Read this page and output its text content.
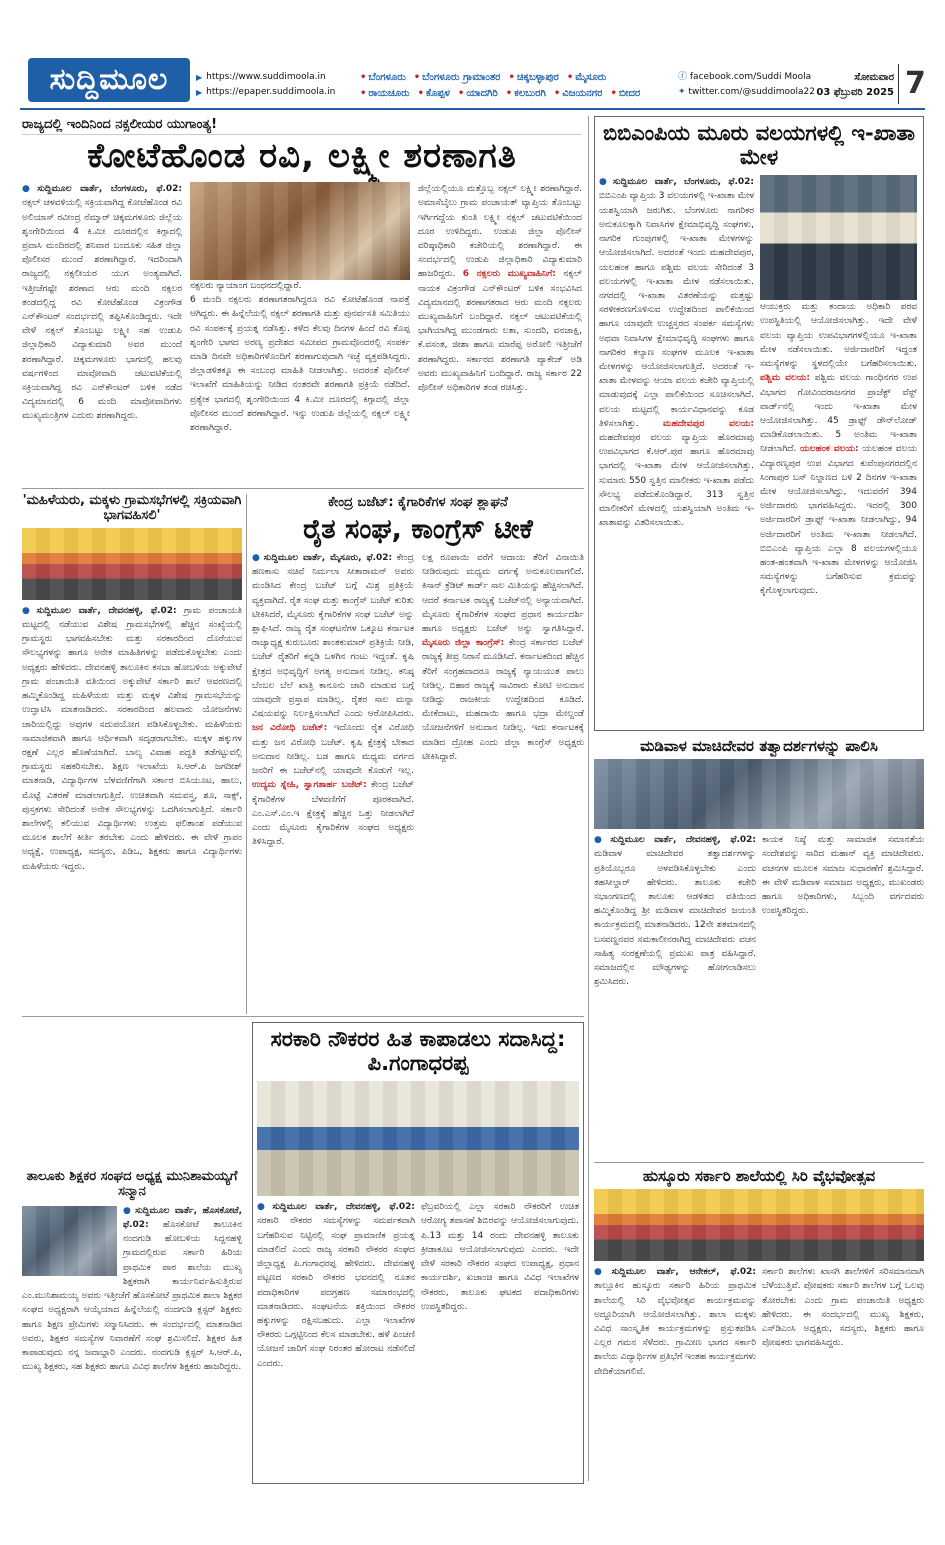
ಸುದ್ದಿಮೂಲ	▶ https://www.suddimoola.in
▶ https://epaper.suddimoola.in
• ಬೆಂಗಳೂರು	• ಬೆಂಗಳೂರು ಗ್ರಾಮಾಂತರ	• ಚಿಕ್ಕಬಳ್ಳಾಪುರ	• ಮೈಸೂರು
• ರಾಯಚೂರು	• ಕೊಪ್ಪಳ	• ಯಾದಗಿರಿ	• ಕಲಬುರಗಿ	• ವಿಜಯನಗರ	• ಬೀದರ
ⓕ facebook.com/Suddi Moola
✦ twitter.com/@suddimoola22
ಸೋಮವಾರ
03 ಫೆಬ್ರುವರಿ 2025 7
ರಾಜ್ಯದಲ್ಲಿ ಇಂದಿನಿಂದ ನಕ್ಸಲೀಯರ ಯುಗಾಂತ್ಯ!
ಕೋಟೆಹೊಂಡ ರವಿ, ಲಕ್ಷ್ಮೀ ಶರಣಾಗತಿ
● ಸುದ್ದಿಮೂಲ ವಾರ್ತೆ, ಬೆಂಗಳೂರು, ಫೆ.02: ನಕ್ಸಲ್ ಚಳವಳಿಯಲ್ಲಿ ಸಕ್ರಿಯವಾಗಿದ್ದ ಕೋಟೆಹೊಂಡ ರವಿ ಅಲಿಯಾಸ್ ರವೀಂದ್ರ ನೆಮ್ಮಾರ್ ಚಿಕ್ಕಮಗಳೂರು ಜಿಲ್ಲೆಯ ಶೃಂಗೇರಿಯಿಂದ 4 ಕಿ.ಮೀ ದೂರದಲ್ಲಿನ ಕಿಗ್ಗಾದಲ್ಲಿ ಪ್ರವಾಸಿ ಮಂದಿರದಲ್ಲಿ ಶನಿವಾರ ಬಂದೂಕು ಸಹಿತ ಜಿಲ್ಲಾ ಪೊಲೀಸರ ಮುಂದೆ ಶರಣಾಗಿದ್ದಾರೆ. ಇದರಿಂದಾಗಿ ರಾಜ್ಯದಲ್ಲಿ ನಕ್ಸಲೀಯರ ಯುಗ ಅಂತ್ಯವಾಗಿದೆ. ಇತ್ತೀಚೆಗಷ್ಟೇ ಶರಣಾದ ಆರು ಮಂದಿ ನಕ್ಸಲರ ತಂಡದಲ್ಲಿದ್ದ ರವಿ ಕೋಟೆಹೊಂಡ ವಿಕ್ರಂಗೌಡ ಎನ್‌ಕೌಂಟರ್ ಸಂದರ್ಭದಲ್ಲಿ ತಪ್ಪಿಸಿಕೊಂಡಿದ್ದರು. ಇದೇ ವೇಳೆ ನಕ್ಸಲ್ ತೊಂಬಟ್ಟು ಲಕ್ಷ್ಮೀ ಸಹ ಉಡುಪಿ ಜಿಲ್ಲಾಧಿಕಾರಿ ವಿದ್ಯಾಕುಮಾರಿ ಅವರ ಮುಂದೆ ಶರಣಾಗಿದ್ದಾರೆ. ಚಿಕ್ಕಮಗಳೂರು ಭಾಗದಲ್ಲಿ ಹಲವು ವರ್ಷಗಳಿಂದ ಮಾವೋವಾದಿ ಚಟುವಟಿಕೆಯಲ್ಲಿ ಸಕ್ರಿಯವಾಗಿದ್ದ ರವಿ ಎನ್‌ಕೌಂಟರ್ ಬಳಿಕ ನಡೆದ ವಿದ್ಯಮಾನದಲ್ಲಿ 6 ಮಂದಿ ಮಾವೋವಾದಿಗಳು ಮುಖ್ಯಮಂತ್ರಿಗಳ ಎದುರು ಶರಣಾಗಿದ್ದರು.
ನಕ್ಸಲರು ನ್ಯಾಯಾಂಗ ಬಂಧನದಲ್ಲಿದ್ದಾರೆ.
6 ಮಂದಿ ನಕ್ಸಲರು ಶರಣಾಗತರಾಗಿದ್ದರೂ ರವಿ ಕೋಟೆಹೊಂಡ ನಾಪತ್ತೆ ಆಗಿದ್ದರು. ಈ ಹಿನ್ನೆಲೆಯಲ್ಲಿ ನಕ್ಸಲ್ ಶರಣಾಗತಿ ಮತ್ತು ಪುನರ್ವಸತಿ ಸಮಿತಿಯು ರವಿ ಸಂಪರ್ಕಕ್ಕೆ ಪ್ರಯತ್ನ ನಡೆಸಿತ್ತು. ಕಳೆದ ಕೆಲವು ದಿನಗಳ ಹಿಂದೆ ರವಿ ಕೊಪ್ಪ ಶೃಂಗೇರಿ ಭಾಗದ ಅರಣ್ಯ ಪ್ರದೇಶದ ಸಮೀಪದ ಗ್ರಾಮವೊಂದರಲ್ಲಿ ಸಂಪರ್ಕ ಮಾಡಿ ದಿನವೇ ಅಧಿಕಾರಿಗಳೊಂದಿಗೆ ಶರಣಾಗುವುದಾಗಿ ಇಚ್ಛೆ ವ್ಯಕ್ತಪಡಿಸಿದ್ದರು. ಜಿಲ್ಲಾಡಳಿತಕ್ಕೂ ಈ ಸಂಬಂಧ ಮಾಹಿತಿ ನೀಡಲಾಗಿತ್ತು. ಅದರಂತೆ ಪೊಲೀಸ್ ಇಲಾಖೆಗೆ ಮಾಹಿತಿಯನ್ನು ನೀಡಿದ ನಂತರವೇ ಶರಣಾಗತಿ ಪ್ರಕ್ರಿಯೆ ನಡೆದಿದೆ. ಪ್ರತ್ಯೇಕ ಭಾಗದಲ್ಲಿ ಶೃಂಗೇರಿಯಿಂದ 4 ಕಿ.ಮೀ ದೂರದಲ್ಲಿ ಕಿಗ್ಗಾದಲ್ಲಿ ಜಿಲ್ಲಾ ಪೊಲೀಸರ ಮುಂದೆ ಶರಣಾಗಿದ್ದಾರೆ. ಇನ್ನು ಉಡುಪಿ ಜಿಲ್ಲೆಯಲ್ಲಿ ನಕ್ಸಲ್ ಲಕ್ಷ್ಮೀ ಶರಣಾಗಿದ್ದಾರೆ.
ಜಿಲ್ಲೆಯಲ್ಲಿಯೂ ಮತ್ತೊಬ್ಬ ನಕ್ಸಲ್ ಲಕ್ಷ್ಮೀ ಶರಣಾಗಿದ್ದಾರೆ. ಅಮಾಸೆಬೈಲು ಗ್ರಾಮ ಪಂಚಾಯತ್ ವ್ಯಾಪ್ತಿಯ ತೊಂಬಟ್ಟು ಇರ್ಗಿಗದ್ದೆಯ ಕುಂತಿ ಲಕ್ಷ್ಮೀ ನಕ್ಸಲ್ ಚಟುವಟಿಕೆಯಿಂದ ದೂರ ಉಳಿದಿದ್ದರು. ಉಡುಪಿ ಜಿಲ್ಲಾ ಪೊಲೀಸ್ ವರಿಷ್ಠಾಧಿಕಾರಿ ಕಚೇರಿಯಲ್ಲಿ ಶರಣಾಗಿದ್ದಾರೆ. ಈ ಸಂದರ್ಭದಲ್ಲಿ ಉಡುಪಿ ಜಿಲ್ಲಾಧಿಕಾರಿ ವಿದ್ಯಾಕುಮಾರಿ ಹಾಜರಿದ್ದರು. 6 ನಕ್ಸಲರು ಮುಖ್ಯವಾಹಿನಿಗೆ: ನಕ್ಸಲ್ ನಾಯಕ ವಿಕ್ರಂಗೌಡ ಎನ್‌ಕೌಂಟರ್ ಬಳಿಕ ಸಂಭವಿಸಿದ ವಿದ್ಯಮಾನದಲ್ಲಿ ಶರಣಾಗತರಾದ ಆರು ಮಂದಿ ನಕ್ಸಲರು ಮುಖ್ಯವಾಹಿನಿಗೆ ಬಂದಿದ್ದಾರೆ. ನಕ್ಸಲ್ ಚಟುವಟಿಕೆಯಲ್ಲಿ ಭಾಗಿಯಾಗಿದ್ದ ಮುಂಡಗಾರು ಲತಾ, ಸುಂದರಿ, ವನಜಾಕ್ಷಿ, ಕೆ.ವಸಂತ, ಜೀಶಾ ಹಾಗೂ ಮಾರೆಪ್ಪ ಅರೋಲಿ ಇತ್ತೀಚೆಗೆ ಶರಣಾಗಿದ್ದರು. ಸರ್ಕಾರದ ಶರಣಾಗತಿ ಪ್ಯಾಕೇಜ್ ಅಡಿ ಅವರು ಮುಖ್ಯವಾಹಿನಿಗೆ ಬಂದಿದ್ದಾರೆ. ರಾಜ್ಯ ಸರ್ಕಾರ 22 ಪೊಲೀಸ್ ಅಧಿಕಾರಿಗಳ ತಂಡ ರಚಿಸಿತ್ತು.
ಬಿಬಿಎಂಪಿಯ ಮೂರು ವಲಯಗಳಲ್ಲಿ ಇ-ಖಾತಾ ಮೇಳ
● ಸುದ್ದಿಮೂಲ ವಾರ್ತೆ, ಬೆಂಗಳೂರು, ಫೆ.02: ಬಿಬಿಎಂಪಿ ವ್ಯಾಪ್ತಿಯ 3 ವಲಯಗಳಲ್ಲಿ ಇ-ಖಾತಾ ಮೇಳ ಯಶಸ್ವಿಯಾಗಿ ಜರುಗಿತು. ಬೆಂಗಳೂರು ನಾಗರಿಕರ ಅನುಕೂಲಕ್ಕಾಗಿ ನಿವಾಸಿಗಳ ಕ್ಷೇಮಾಭಿವೃದ್ಧಿ ಸಂಘಗಳು, ನಾಗರಿಕ ಗುಂಪುಗಳಲ್ಲಿ ಇ-ಖಾತಾ ಮೇಳಗಳನ್ನು ಆಯೋಜಿಸಲಾಗಿದೆ. ಅದರಂತೆ ಇಂದು ಮಹದೇವಪುರ, ಯಲಹಂಕ ಹಾಗೂ ಪಶ್ಚಿಮ ವಲಯ ಸೇರಿದಂತೆ 3 ವಲಯಗಳಲ್ಲಿ ಇ-ಖಾತಾ ಮೇಳ ನಡೆಸಲಾಯಿತು. ನಗರದಲ್ಲಿ ಇ-ಖಾತಾ ವಿತರಣೆಯನ್ನು ಮತ್ತಷ್ಟು ಸರಳೀಕರಣಗೊಳಿಸುವ ಉದ್ದೇಶದಿಂದ ಪಾಲಿಕೆಯಿಂದ ಹಾಗೂ ಯಾವುದೇ ಉಚ್ಚಸ್ತರದ ಸಂಪರ್ಕ ಸಮಸ್ಯೆಗಳು ಅಥವಾ ನಿವಾಸಿಗಳ ಕ್ಷೇಮಾಭಿವೃದ್ಧಿ ಸಂಘಗಳು ಹಾಗೂ ನಾಗರಿಕರ ಕಲ್ಯಾಣ ಸಂಘಗಳ ಮೂಲಕ ಇ-ಖಾತಾ ಮೇಳಗಳನ್ನು ಆಯೋಜಿಸಲಾಗುತ್ತಿದೆ. ಅದರಂತೆ ಇ-ಖಾತಾ ಮೇಳವನ್ನು ಆಯಾ ವಲಯ ಕಚೇರಿ ವ್ಯಾಪ್ತಿಯಲ್ಲಿ ಮಾಡುವುದಕ್ಕೆ ಎಲ್ಲಾ ಪಾಲಿಕೆಯಿಂದ ಸೂಚಿಸಲಾಗಿದೆ. ವಲಯ ಮಟ್ಟದಲ್ಲಿ ಕಾರ್ಯವಿಧಾನವನ್ನು ಕೂಡ ತಿಳಿಸಲಾಗಿತ್ತು.	ಮಹದೇವಪುರ ವಲಯ: ಮಹದೇವಪುರ ವಲಯ ವ್ಯಾಪ್ತಿಯ ಹೊರಮಾವು ಉಪವಿಭಾಗದ ಕೆ.ಆರ್.ಪುರ ಹಾಗೂ ಹೊರಮಾವು ಭಾಗದಲ್ಲಿ ಇ-ಖಾತಾ ಮೇಳ ಆಯೋಜಿಸಲಾಗಿತ್ತು. ಸುಮಾರು 550 ಸ್ವತ್ತಿನ ಮಾಲೀಕರು ಇ-ಖಾತಾ ಪಡೆದು ಸೌಲಭ್ಯ ಪಡೆದುಕೊಂಡಿದ್ದಾರೆ. 313 ಸ್ವತ್ತಿನ ಮಾಲೀಕರಿಗೆ ಮೇಳದಲ್ಲಿ ಯಶಸ್ವಿಯಾಗಿ ಅಂತಿಮ ಇ-ಖಾತಾವನ್ನು ವಿತರಿಸಲಾಯಿತು.
ಆಯುಕ್ತರು ಮತ್ತು ಕಂದಾಯ ಅಧಿಕಾರಿ ಪರವ ಉಪಸ್ಥಿತಿಯಲ್ಲಿ ಆಯೋಜಿಸಲಾಗಿತ್ತು. ಇದೇ ವೇಳೆ ವಲಯ ವ್ಯಾಪ್ತಿಯ ಉಪವಿಭಾಗಗಳಲ್ಲಿಯೂ ಇ-ಖಾತಾ ಮೇಳ ನಡೆಸಲಾಯಿತು. ಅರ್ಜಿದಾರರಿಗೆ ಇದ್ದಂತ ಸಮಸ್ಯೆಗಳನ್ನು ಸ್ಥಳದಲ್ಲಿಯೇ ಬಗೆಹರಿಸಲಾಯಿತು. ಪಶ್ಚಿಮ ವಲಯ: ಪಶ್ಚಿಮ ವಲಯ ಗಾಂಧಿನಗರ ಉಪ ವಿಭಾಗದ ಗೋವಿಂದರಾಜನಗರ ಪ್ರಾಜೆಕ್ಟ್ ವೆಸ್ಟ್ ವಾರ್ಡ್‌ನಲ್ಲಿ ಇಂದು ಇ-ಖಾತಾ ಮೇಳ ಆಯೋಜಿಸಲಾಗಿತ್ತು. 45 ಡ್ರಾಫ್ಟ್ ಡೌನ್‌ಲೋಡ್ ಮಾಡಿಕೊಡಲಾಯಿತು. 5 ಅಂತಿಮ ಇ-ಖಾತಾ ನೀಡಲಾಗಿದೆ. ಯಲಹಂಕ ವಲಯ: ಯಲಹಂಕ ವಲಯ ವಿದ್ಯಾರಣ್ಯಪುರ ಉಪ ವಿಭಾಗದ ಕುವೆಂಪುನಗರದಲ್ಲಿನ ಸಿಂಗಾಪುರ ಬಸ್ ನಿಲ್ದಾಣದ ಬಳಿ 2 ದಿನಗಳ ಇ-ಖಾತಾ ಮೇಳ ಆಯೋಜಿಸಲಾಗಿದ್ದು, ಇದುವರೆಗೆ 394 ಅರ್ಜಿದಾರರು ಭಾಗವಹಿಸಿದ್ದರು. ಇದರಲ್ಲಿ 300 ಅರ್ಜಿದಾರರಿಗೆ ಡ್ರಾಫ್ಟ್ ಇ-ಖಾತಾ ನೀಡಲಾಗಿದ್ದು, 94 ಅರ್ಜಿದಾರರಿಗೆ ಅಂತಿಮ ಇ-ಖಾತಾ ನೀಡಲಾಗಿದೆ. ಬಿಬಿಎಂಪಿ ವ್ಯಾಪ್ತಿಯ ಎಲ್ಲಾ 8 ವಲಯಗಳಲ್ಲಿಯೂ ಹಂತ-ಹಂತವಾಗಿ ಇ-ಖಾತಾ ಮೇಳಗಳನ್ನು ಆಯೋಜಿಸಿ ಸಮಸ್ಯೆಗಳನ್ನು ಬಗೆಹರಿಸುವ ಕ್ರಮವನ್ನು ಕೈಗೊಳ್ಳಲಾಗುವುದು.
'ಮಹಿಳೆಯರು, ಮಕ್ಕಳು ಗ್ರಾಮಸಭೆಗಳಲ್ಲಿ ಸಕ್ರಿಯವಾಗಿ ಭಾಗವಹಿಸಲಿ'
● ಸುದ್ದಿಮೂಲ ವಾರ್ತೆ, ದೇವನಹಳ್ಳಿ, ಫೆ.02: ಗ್ರಾಮ ಪಂಚಾಯತಿ ಮಟ್ಟದಲ್ಲಿ ನಡೆಯುವ ವಿಶೇಷ ಗ್ರಾಮಸಭೆಗಳಲ್ಲಿ ಹೆಚ್ಚಿನ ಸಂಖ್ಯೆಯಲ್ಲಿ ಗ್ರಾಮಸ್ಥರು ಭಾಗವಹಿಸಬೇಕು ಮತ್ತು ಸರಕಾರದಿಂದ ದೊರೆಯುವ ಸೌಲಭ್ಯಗಳನ್ನು ಹಾಗೂ ಅನೇಕ ಮಾಹಿತಿಗಳನ್ನು ಪಡೆದುಕೊಳ್ಳಬೇಕು ಎಂದು ಅಧ್ಯಕ್ಷರು ಹೇಳಿದರು. ದೇವನಹಳ್ಳಿ ತಾಲೂಕಿನ ಕಸಬಾ ಹೋಬಳಿಯ ಅಕ್ಕುಪೇಟೆ ಗ್ರಾಮ ಪಂಚಾಯಿತಿ ವತಿಯಿಂದ ಅಕ್ಕುಪೇಟೆ ಸರ್ಕಾರಿ ಶಾಲೆ ಆವರಣದಲ್ಲಿ ಹಮ್ಮಿಕೊಂಡಿದ್ದ ಮಹಿಳೆಯರು ಮತ್ತು ಮಕ್ಕಳ ವಿಶೇಷ ಗ್ರಾಮಸಭೆಯನ್ನು ಉದ್ಘಾಟಿಸಿ ಮಾತನಾಡಿದರು. ಸರಕಾರದಿಂದ ಹಲವಾರು ಯೋಜನೆಗಳು ಜಾರಿಯಲ್ಲಿದ್ದು ಅವುಗಳ ಸದುಪಯೋಗ ಪಡಿಸಿಕೊಳ್ಳಬೇಕು. ಮಹಿಳೆಯರು ಸಾಮಾಜಿಕವಾಗಿ ಹಾಗೂ ಆರ್ಥಿಕವಾಗಿ ಸದೃಢರಾಗಬೇಕು. ಮಕ್ಕಳ ಹಕ್ಕುಗಳ ರಕ್ಷಣೆ ಎಲ್ಲರ ಹೊಣೆಯಾಗಿದೆ. ಬಾಲ್ಯ ವಿವಾಹ ಪದ್ಧತಿ ತಡೆಗಟ್ಟುವಲ್ಲಿ ಗ್ರಾಮಸ್ಥರು ಸಹಕರಿಸಬೇಕು. ಶಿಕ್ಷಣ ಇಲಾಖೆಯ ಸಿ.ಆರ್.ಪಿ ಜಗದೀಶ್ ಮಾತನಾಡಿ, ವಿದ್ಯಾರ್ಥಿಗಳ ಬೆಳವಣಿಗೆಗಾಗಿ ಸರ್ಕಾರ ಬಿಸಿಯೂಟ, ಹಾಲು, ಮೊಟ್ಟೆ ವಿತರಣೆ ಮಾಡಲಾಗುತ್ತಿದೆ. ಉಚಿತವಾಗಿ ಸಮವಸ್ತ್ರ, ಶೂ, ಸಾಕ್ಸ್, ಪುಸ್ತಕಗಳು ಸೇರಿದಂತೆ ಅನೇಕ ಸೌಲಭ್ಯಗಳನ್ನು ಒದಗಿಸಲಾಗುತ್ತಿದೆ. ಸರ್ಕಾರಿ ಶಾಲೆಗಳಲ್ಲಿ ಕಲಿಯುವ ವಿದ್ಯಾರ್ಥಿಗಳು ಉತ್ತಮ ಫಲಿತಾಂಶ ಪಡೆಯುವ ಮೂಲಕ ಶಾಲೆಗೆ ಕೀರ್ತಿ ತರಬೇಕು ಎಂದು ಹೇಳಿದರು. ಈ ವೇಳೆ ಗ್ರಾಪಂ ಅಧ್ಯಕ್ಷೆ, ಉಪಾಧ್ಯಕ್ಷ, ಸದಸ್ಯರು, ಪಿಡಿಒ, ಶಿಕ್ಷಕರು ಹಾಗೂ ವಿದ್ಯಾರ್ಥಿಗಳು ಮಹಿಳೆಯರು ಇದ್ದರು.
ಕೇಂದ್ರ ಬಜೆಟ್: ಕೈಗಾರಿಕೆಗಳ ಸಂಘ ಶ್ಲಾಘನೆ
ರೈತ ಸಂಘ, ಕಾಂಗ್ರೆಸ್ ಟೀಕೆ
● ಸುದ್ದಿಮೂಲ ವಾರ್ತೆ, ಮೈಸೂರು, ಫೆ.02: ಕೇಂದ್ರ ಹಣಕಾಸು ಸಚಿವೆ ನಿರ್ಮಲಾ ಸೀತಾರಾಮನ್ ಅವರು ಮಂಡಿಸಿದ ಕೇಂದ್ರ ಬಜೆಟ್ ಬಗ್ಗೆ ಮಿಶ್ರ ಪ್ರತಿಕ್ರಿಯೆ ವ್ಯಕ್ತವಾಗಿದೆ. ರೈತ ಸಂಘ ಮತ್ತು ಕಾಂಗ್ರೆಸ್ ಬಜೆಟ್ ಕುರಿತು ಟೀಕಿಸಿದರೆ, ಮೈಸೂರು ಕೈಗಾರಿಕೆಗಳ ಸಂಘ ಬಜೆಟ್ ಅನ್ನು ಶ್ಲಾಘಿಸಿದೆ. ರಾಜ್ಯ ರೈತ ಸಂಘಟನೆಗಳ ಒಕ್ಕೂಟ ಕರ್ನಾಟಕ ರಾಜ್ಯಾಧ್ಯಕ್ಷ ಕುರುಬೂರು ಶಾಂತಕುಮಾರ್ ಪ್ರತಿಕ್ರಿಯೆ ನೀಡಿ, ಬಜೆಟ್ ರೈತರಿಗೆ ಕನ್ನಡಿ ಒಳಗಿನ ಗಂಟು ಇದ್ದಂತೆ. ಕೃಷಿ ಕ್ಷೇತ್ರದ ಅಭಿವೃದ್ಧಿಗೆ ಅಗತ್ಯ ಅನುದಾನ ನೀಡಿಲ್ಲ. ಕನಿಷ್ಠ ಬೆಂಬಲ ಬೆಲೆ ಖಾತ್ರಿ ಕಾನೂನು ಜಾರಿ ಮಾಡುವ ಬಗ್ಗೆ ಯಾವುದೇ ಪ್ರಸ್ತಾಪ ಮಾಡಿಲ್ಲ. ರೈತರ ಸಾಲ ಮನ್ನಾ ವಿಷಯವನ್ನು ನಿರ್ಲಕ್ಷಿಸಲಾಗಿದೆ ಎಂದು ಆರೋಪಿಸಿದರು. ಜನ ವಿರೋಧಿ ಬಜೆಟ್: ಇದೊಂದು ರೈತ ವಿರೋಧಿ ಮತ್ತು ಜನ ವಿರೋಧಿ ಬಜೆಟ್. ಕೃಷಿ ಕ್ಷೇತ್ರಕ್ಕೆ ಬೇಕಾದ ಅನುದಾನ ನೀಡಿಲ್ಲ. ಬಡ ಹಾಗೂ ಮಧ್ಯಮ ವರ್ಗದ ಜನರಿಗೆ ಈ ಬಜೆಟ್‌ನಲ್ಲಿ ಯಾವುದೇ ಕೊಡುಗೆ ಇಲ್ಲ. ಉದ್ಯಮ ಸ್ನೇಹಿ, ಸ್ವಾಗತಾರ್ಹ ಬಜೆಟ್: ಕೇಂದ್ರ ಬಜೆಟ್ ಕೈಗಾರಿಕೆಗಳ ಬೆಳವಣಿಗೆಗೆ ಪೂರಕವಾಗಿದೆ. ಎಂ.ಎಸ್.ಎಂ.ಇ ಕ್ಷೇತ್ರಕ್ಕೆ ಹೆಚ್ಚಿನ ಒತ್ತು ನೀಡಲಾಗಿದೆ ಎಂದು ಮೈಸೂರು ಕೈಗಾರಿಕೆಗಳ ಸಂಘದ ಅಧ್ಯಕ್ಷರು ತಿಳಿಸಿದ್ದಾರೆ.
ಲಕ್ಷ ರೂಪಾಯಿ ವರೆಗೆ ಆದಾಯ ತೆರಿಗೆ ವಿನಾಯಿತಿ ನೀಡಿರುವುದು ಮಧ್ಯಮ ವರ್ಗಕ್ಕೆ ಅನುಕೂಲವಾಗಲಿದೆ. ಕಿಸಾನ್ ಕ್ರೆಡಿಟ್ ಕಾರ್ಡ್ ಸಾಲ ಮಿತಿಯನ್ನು ಹೆಚ್ಚಿಸಲಾಗಿದೆ. ಆದರೆ ಕರ್ನಾಟಕ ರಾಜ್ಯಕ್ಕೆ ಬಜೆಟ್‌ನಲ್ಲಿ ಅನ್ಯಾಯವಾಗಿದೆ. ಮೈಸೂರು ಕೈಗಾರಿಕೆಗಳ ಸಂಘದ ಪ್ರಧಾನ ಕಾರ್ಯದರ್ಶಿ ಹಾಗೂ ಅಧ್ಯಕ್ಷರು ಬಜೆಟ್ ಅನ್ನು ಸ್ವಾಗತಿಸಿದ್ದಾರೆ. ಮೈಸೂರು ಜಿಲ್ಲಾ ಕಾಂಗ್ರೆಸ್: ಕೇಂದ್ರ ಸರ್ಕಾರದ ಬಜೆಟ್ ರಾಜ್ಯಕ್ಕೆ ತೀವ್ರ ನಿರಾಸೆ ಮೂಡಿಸಿದೆ. ಕರ್ನಾಟಕದಿಂದ ಹೆಚ್ಚಿನ ತೆರಿಗೆ ಸಂಗ್ರಹವಾದರೂ ರಾಜ್ಯಕ್ಕೆ ನ್ಯಾಯಯುತ ಪಾಲು ನೀಡಿಲ್ಲ. ಬಿಹಾರ ರಾಜ್ಯಕ್ಕೆ ಸಾವಿರಾರು ಕೋಟಿ ಅನುದಾನ ನೀಡಿದ್ದು ರಾಜಕೀಯ ಉದ್ದೇಶದಿಂದ ಕೂಡಿದೆ. ಮೇಕೆದಾಟು, ಮಹದಾಯಿ ಹಾಗೂ ಭದ್ರಾ ಮೇಲ್ದಂಡೆ ಯೋಜನೆಗಳಿಗೆ ಅನುದಾನ ನೀಡಿಲ್ಲ. ಇದು ಕರ್ನಾಟಕಕ್ಕೆ ಮಾಡಿದ ದ್ರೋಹ ಎಂದು ಜಿಲ್ಲಾ ಕಾಂಗ್ರೆಸ್ ಅಧ್ಯಕ್ಷರು ಟೀಕಿಸಿದ್ದಾರೆ.
ಮಡಿವಾಳ ಮಾಚಿದೇವರ ತತ್ವಾದರ್ಶಗಳನ್ನು ಪಾಲಿಸಿ
● ಸುದ್ದಿಮೂಲ ವಾರ್ತೆ, ದೇವನಹಳ್ಳಿ, ಫೆ.02: ಮಡಿವಾಳ ಮಾಚಿದೇವರ ತತ್ವಾದರ್ಶಗಳನ್ನು ಪ್ರತಿಯೊಬ್ಬರೂ ಅಳವಡಿಸಿಕೊಳ್ಳಬೇಕು ಎಂದು ತಹಸೀಲ್ದಾರ್ ಹೇಳಿದರು. ತಾಲೂಕು ಕಚೇರಿ ಸಭಾಂಗಣದಲ್ಲಿ ತಾಲೂಕು ಆಡಳಿತದ ವತಿಯಿಂದ ಹಮ್ಮಿಕೊಂಡಿದ್ದ ಶ್ರೀ ಮಡಿವಾಳ ಮಾಚಿದೇವರ ಜಯಂತಿ ಕಾರ್ಯಕ್ರಮದಲ್ಲಿ ಮಾತನಾಡಿದರು. 12ನೇ ಶತಮಾನದಲ್ಲಿ ಬಸವಣ್ಣನವರ ಸಮಕಾಲೀನರಾಗಿದ್ದ ಮಾಚಿದೇವರು ವಚನ ಸಾಹಿತ್ಯ ಸಂರಕ್ಷಣೆಯಲ್ಲಿ ಪ್ರಮುಖ ಪಾತ್ರ ವಹಿಸಿದ್ದಾರೆ. ಸಮಾಜದಲ್ಲಿನ ಮೌಢ್ಯಗಳನ್ನು ಹೋಗಲಾಡಿಸಲು ಶ್ರಮಿಸಿದರು.
ಕಾಯಕ ನಿಷ್ಠೆ ಮತ್ತು ಸಾಮಾಜಿಕ ಸಮಾನತೆಯ ಸಂದೇಶವನ್ನು ಸಾರಿದ ಮಹಾನ್ ವ್ಯಕ್ತಿ ಮಾಚಿದೇವರು. ವಚನಗಳ ಮೂಲಕ ಸಮಾಜ ಸುಧಾರಣೆಗೆ ಶ್ರಮಿಸಿದ್ದಾರೆ. ಈ ವೇಳೆ ಮಡಿವಾಳ ಸಮಾಜದ ಅಧ್ಯಕ್ಷರು, ಮುಖಂಡರು ಹಾಗೂ ಅಧಿಕಾರಿಗಳು, ಸಿಬ್ಬಂದಿ ವರ್ಗದವರು ಉಪಸ್ಥಿತರಿದ್ದರು.
ಸರಕಾರಿ ನೌಕರರ ಹಿತ ಕಾಪಾಡಲು ಸದಾಸಿದ್ದ: ಪಿ.ಗಂಗಾಧರಪ್ಪ
● ಸುದ್ದಿಮೂಲ ವಾರ್ತೆ, ದೇವನಹಳ್ಳಿ, ಫೆ.02: ಸರಕಾರಿ ನೌಕರರ ಸಮಸ್ಯೆಗಳನ್ನು ಸಮರ್ಪಕವಾಗಿ ಬಗೆಹರಿಸುವ ನಿಟ್ಟಿನಲ್ಲಿ ಸಂಘ ಪ್ರಾಮಾಣಿಕ ಪ್ರಯತ್ನ ಮಾಡಲಿದೆ ಎಂದು ರಾಜ್ಯ ಸರಕಾರಿ ನೌಕರರ ಸಂಘದ ಜಿಲ್ಲಾಧ್ಯಕ್ಷ ಪಿ.ಗಂಗಾಧರಪ್ಪ ಹೇಳಿದರು. ದೇವನಹಳ್ಳಿ ಪಟ್ಟಣದ ಸರಕಾರಿ ನೌಕರರ ಭವನದಲ್ಲಿ ನೂತನ ಪದಾಧಿಕಾರಿಗಳ ಪದಗ್ರಹಣ ಸಮಾರಂಭದಲ್ಲಿ ಮಾತನಾಡಿದರು. ಸಂಘಟನೆಯ ಶಕ್ತಿಯಿಂದ ನೌಕರರ ಹಕ್ಕುಗಳನ್ನು ರಕ್ಷಿಸಬಹುದು. ಎಲ್ಲಾ ಇಲಾಖೆಗಳ ನೌಕರರು ಒಗ್ಗಟ್ಟಿನಿಂದ ಕೆಲಸ ಮಾಡಬೇಕು. ಹಳೆ ಪಿಂಚಣಿ ಯೋಜನೆ ಜಾರಿಗೆ ಸಂಘ ನಿರಂತರ ಹೋರಾಟ ನಡೆಸಲಿದೆ ಎಂದರು.
ಫೆಬ್ರವರಿಯಲ್ಲಿ ಎಲ್ಲಾ ಸರಕಾರಿ ನೌಕರರಿಗೆ ಉಚಿತ ಆರೋಗ್ಯ ತಪಾಸಣೆ ಶಿಬಿರವನ್ನು ಆಯೋಜಿಸಲಾಗುವುದು. ಪಿ.13 ಮತ್ತು 14 ರಂದು ದೇವನಹಳ್ಳಿ ತಾಲೂಕು ಕ್ರೀಡಾಕೂಟ ಆಯೋಜಿಸಲಾಗುವುದು ಎಂದರು. ಇದೇ ವೇಳೆ ಸರಕಾರಿ ನೌಕರರ ಸಂಘದ ಉಪಾಧ್ಯಕ್ಷ, ಪ್ರಧಾನ ಕಾರ್ಯದರ್ಶಿ, ಖಜಾಂಚಿ ಹಾಗೂ ವಿವಿಧ ಇಲಾಖೆಗಳ ನೌಕರರು, ತಾಲೂಕು ಘಟಕದ ಪದಾಧಿಕಾರಿಗಳು ಉಪಸ್ಥಿತರಿದ್ದರು.
ತಾಲೂಕು ಶಿಕ್ಷಕರ ಸಂಘದ ಅಧ್ಯಕ್ಷ ಮುನಿಶಾಮಯ್ಯಗೆ ಸನ್ಮಾನ
● ಸುದ್ದಿಮೂಲ ವಾರ್ತೆ, ಹೊಸಕೋಟೆ, ಫೆ.02: ಹೊಸಕೋಟೆ ತಾಲೂಕಿನ ನಂದಗುಡಿ ಹೋಬಳಿಯ ಸಿದ್ದನಹಳ್ಳಿ ಗ್ರಾಮದಲ್ಲಿರುವ ಸರ್ಕಾರಿ ಹಿರಿಯ ಪ್ರಾಥಮಿಕ ಪಾಠ ಶಾಲೆಯ ಮುಖ್ಯ ಶಿಕ್ಷಕರಾಗಿ ಕಾರ್ಯನಿರ್ವಹಿಸುತ್ತಿರುವ ಎಂ.ಮುನಿಶಾಮಯ್ಯ ಅವರು ಇತ್ತೀಚೆಗೆ ಹೊಸಕೋಟೆ ಪ್ರಾಥಮಿಕ ಶಾಲಾ ಶಿಕ್ಷಕರ ಸಂಘದ ಅಧ್ಯಕ್ಷರಾಗಿ ಆಯ್ಕೆಯಾದ ಹಿನ್ನೆಲೆಯಲ್ಲಿ ನಂದಗುಡಿ ಕ್ಲಸ್ಟರ್ ಶಿಕ್ಷಕರು ಹಾಗೂ ಶಿಕ್ಷಣ ಪ್ರೇಮಿಗಳು ಸನ್ಮಾನಿಸಿದರು. ಈ ಸಂದರ್ಭದಲ್ಲಿ ಮಾತನಾಡಿದ ಅವರು, ಶಿಕ್ಷಕರ ಸಮಸ್ಯೆಗಳ ನಿವಾರಣೆಗೆ ಸಂಘ ಶ್ರಮಿಸಲಿದೆ. ಶಿಕ್ಷಕರ ಹಿತ ಕಾಪಾಡುವುದು ನನ್ನ ಜವಾಬ್ದಾರಿ ಎಂದರು. ನಂದಗುಡಿ ಕ್ಲಸ್ಟರ್ ಸಿ.ಆರ್.ಪಿ, ಮುಖ್ಯ ಶಿಕ್ಷಕರು, ಸಹ ಶಿಕ್ಷಕರು ಹಾಗೂ ವಿವಿಧ ಶಾಲೆಗಳ ಶಿಕ್ಷಕರು ಹಾಜರಿದ್ದರು.
ಹುಸ್ಕೂರು ಸರ್ಕಾರಿ ಶಾಲೆಯಲ್ಲಿ ಸಿರಿ ವೈಭವೋತ್ಸವ
● ಸುದ್ದಿಮೂಲ ವಾರ್ತೆ, ಆನೇಕಲ್, ಫೆ.02: ತಾಲ್ಲೂಕಿನ ಹುಸ್ಕೂರು ಸರ್ಕಾರಿ ಹಿರಿಯ ಪ್ರಾಥಮಿಕ ಶಾಲೆಯಲ್ಲಿ ಸಿರಿ ವೈಭವೋತ್ಸವ ಕಾರ್ಯಕ್ರಮವನ್ನು ಅದ್ದೂರಿಯಾಗಿ ಆಯೋಜಿಸಲಾಗಿತ್ತು. ಶಾಲಾ ಮಕ್ಕಳು ವಿವಿಧ ಸಾಂಸ್ಕೃತಿಕ ಕಾರ್ಯಕ್ರಮಗಳನ್ನು ಪ್ರಸ್ತುತಪಡಿಸಿ ಎಲ್ಲರ ಗಮನ ಸೆಳೆದರು. ಗ್ರಾಮೀಣ ಭಾಗದ ಸರ್ಕಾರಿ ಶಾಲೆಯ ವಿದ್ಯಾರ್ಥಿಗಳ ಪ್ರತಿಭೆಗೆ ಇಂತಹ ಕಾರ್ಯಕ್ರಮಗಳು ವೇದಿಕೆಯಾಗಲಿವೆ.
ಸರ್ಕಾರಿ ಶಾಲೆಗಳು ಖಾಸಗಿ ಶಾಲೆಗಳಿಗೆ ಸರಿಸಮಾನವಾಗಿ ಬೆಳೆಯುತ್ತಿವೆ. ಪೋಷಕರು ಸರ್ಕಾರಿ ಶಾಲೆಗಳ ಬಗ್ಗೆ ಒಲವು ತೋರಬೇಕು ಎಂದು ಗ್ರಾಮ ಪಂಚಾಯಿತಿ ಅಧ್ಯಕ್ಷರು ಹೇಳಿದರು. ಈ ಸಂದರ್ಭದಲ್ಲಿ ಮುಖ್ಯ ಶಿಕ್ಷಕರು, ಎಸ್‌ಡಿಎಂಸಿ ಅಧ್ಯಕ್ಷರು, ಸದಸ್ಯರು, ಶಿಕ್ಷಕರು ಹಾಗೂ ಪೋಷಕರು ಭಾಗವಹಿಸಿದ್ದರು.
